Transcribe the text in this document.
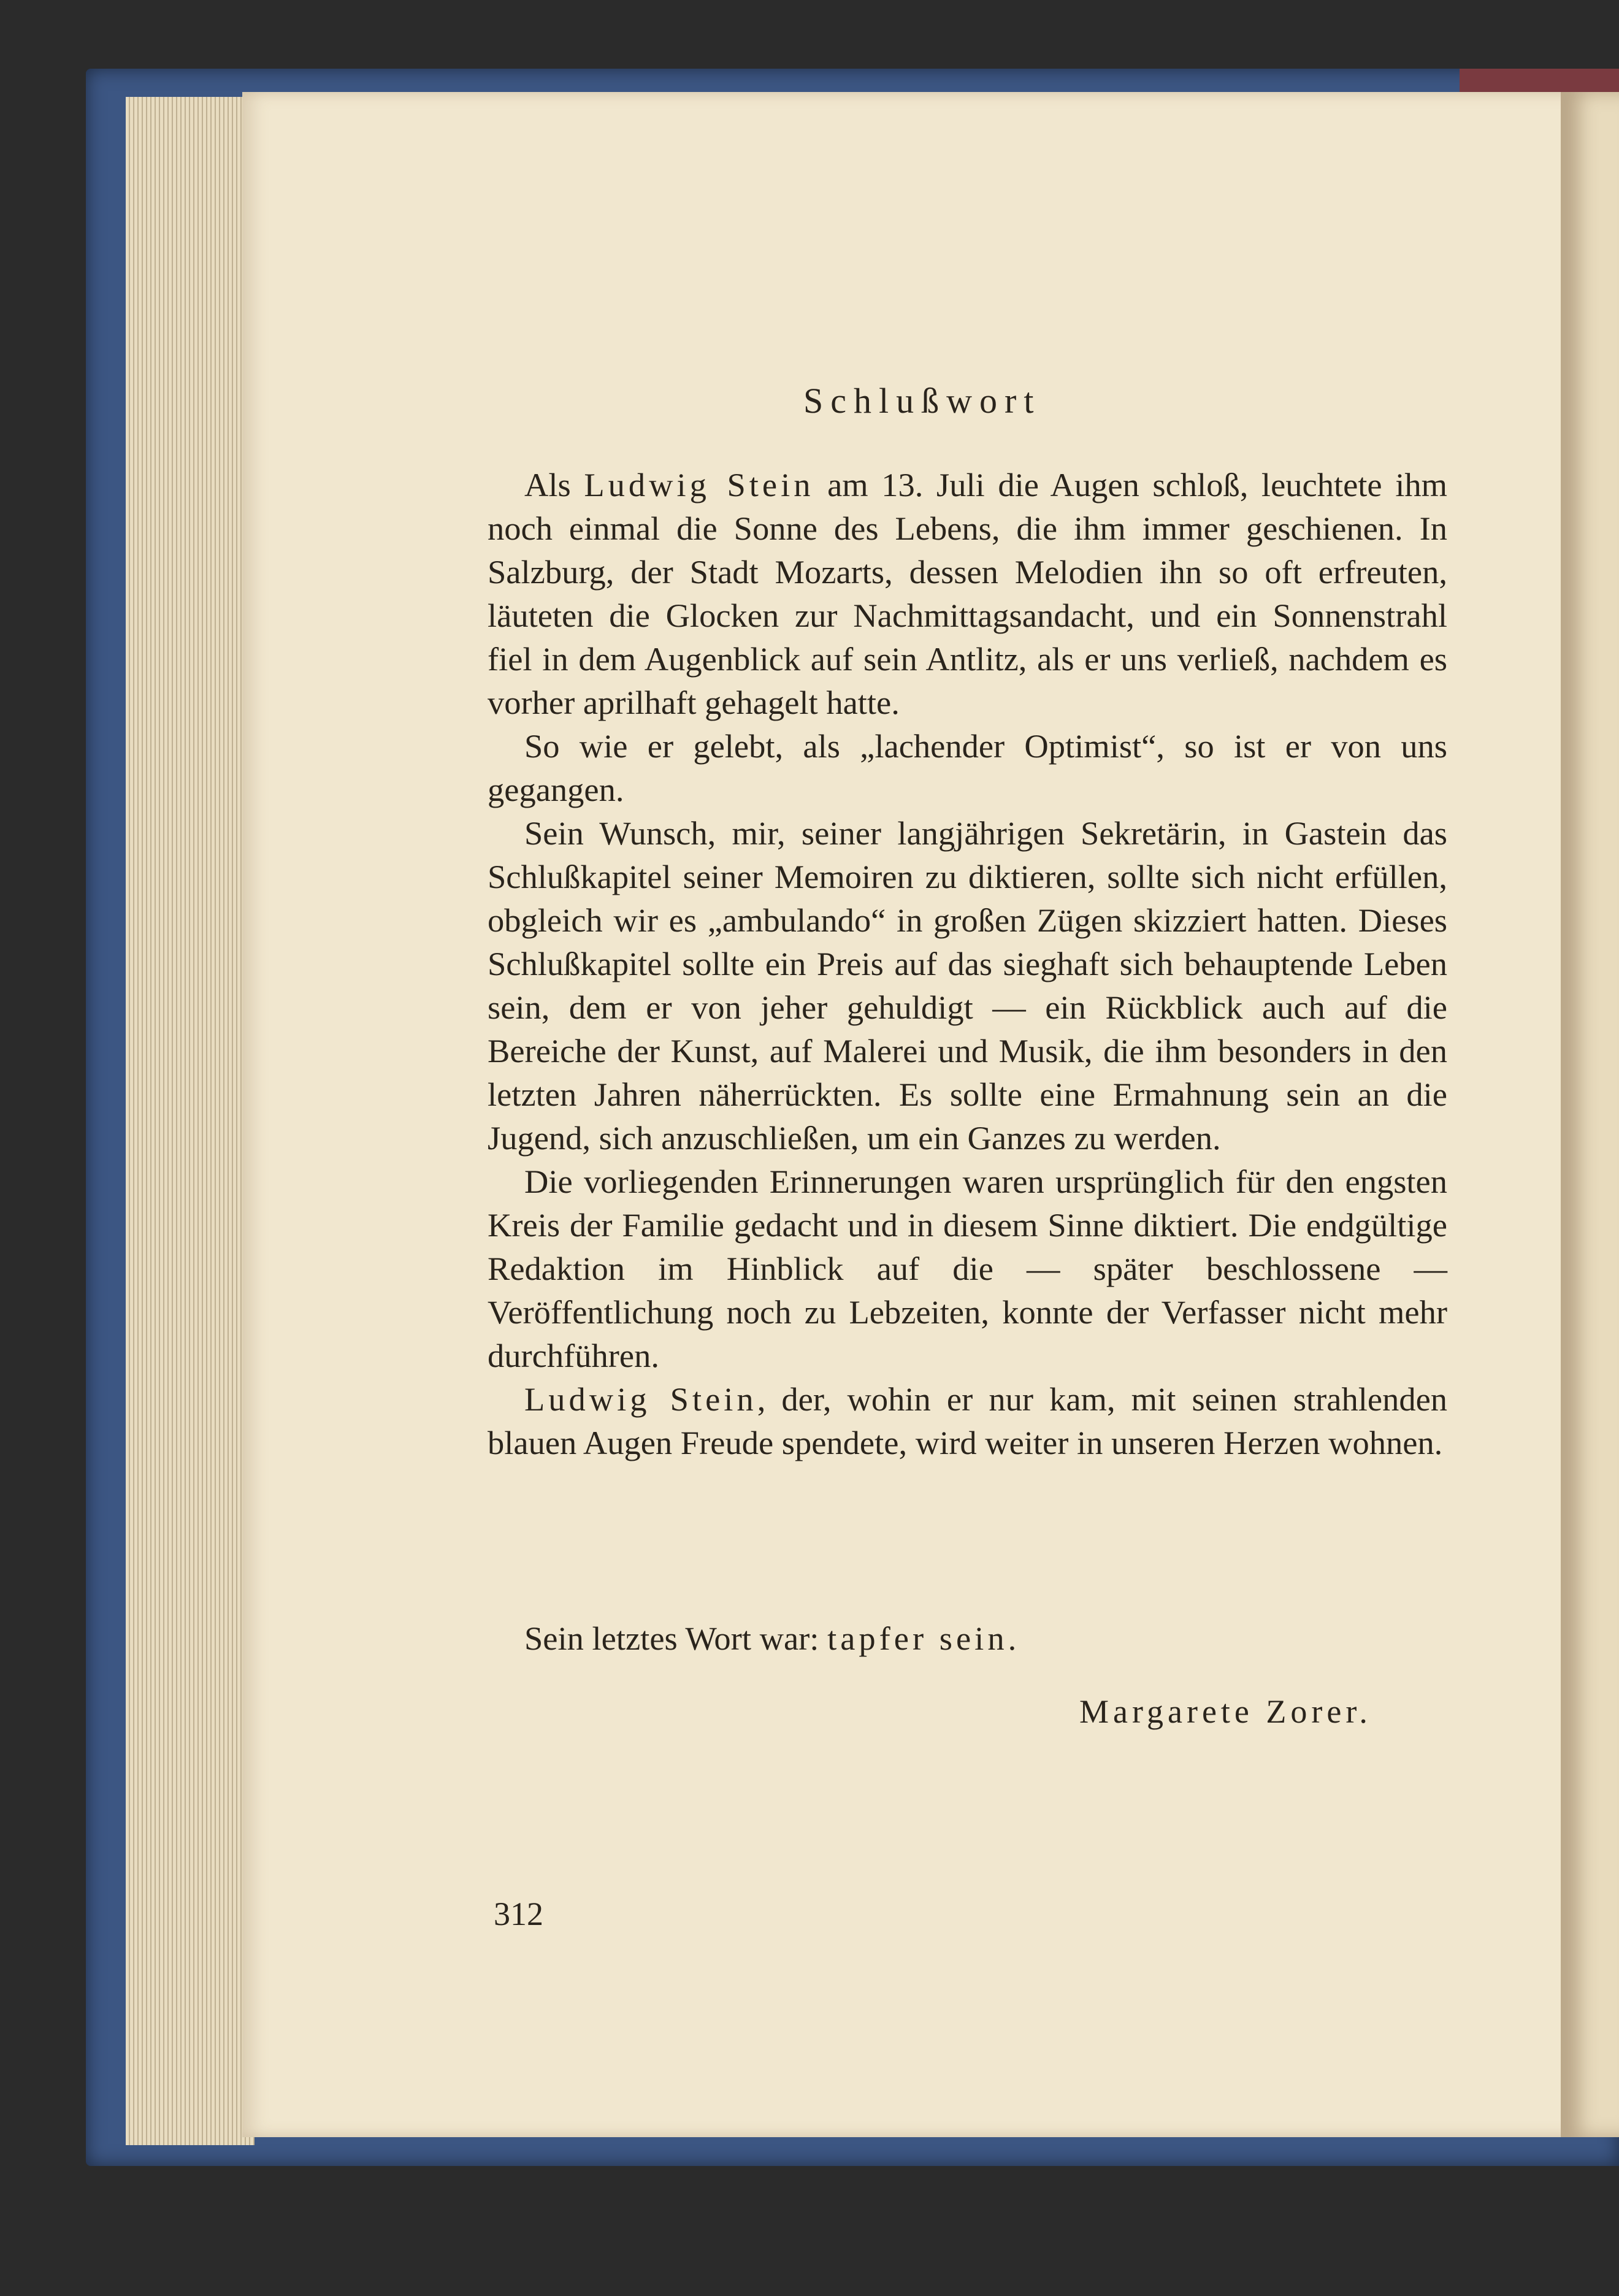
Schlußwort

Als Ludwig Stein am 13. Juli die Augen schloß, leuchtete ihm noch einmal die Sonne des Lebens, die ihm immer geschienen. In Salzburg, der Stadt Mozarts, dessen Melodien ihn so oft erfreuten, läuteten die Glocken zur Nachmittagsandacht, und ein Sonnenstrahl fiel in dem Augenblick auf sein Antlitz, als er uns verließ, nachdem es vorher aprilhaft gehagelt hatte.

So wie er gelebt, als „lachender Optimist“, so ist er von uns gegangen.

Sein Wunsch, mir, seiner langjährigen Sekretärin, in Gastein das Schlußkapitel seiner Memoiren zu diktieren, sollte sich nicht erfüllen, obgleich wir es „ambulando“ in großen Zügen skizziert hatten. Dieses Schlußkapitel sollte ein Preis auf das sieghaft sich behauptende Leben sein, dem er von jeher gehuldigt — ein Rückblick auch auf die Bereiche der Kunst, auf Malerei und Musik, die ihm besonders in den letzten Jahren näherrückten. Es sollte eine Ermahnung sein an die Jugend, sich anzuschließen, um ein Ganzes zu werden.

Die vorliegenden Erinnerungen waren ursprünglich für den engsten Kreis der Familie gedacht und in diesem Sinne diktiert. Die endgültige Redaktion im Hinblick auf die — später beschlossene — Veröffentlichung noch zu Lebzeiten, konnte der Verfasser nicht mehr durchführen.

Ludwig Stein, der, wohin er nur kam, mit seinen strahlenden blauen Augen Freude spendete, wird weiter in unseren Herzen wohnen.

Sein letztes Wort war: tapfer sein.
Margarete Zorer.
312
